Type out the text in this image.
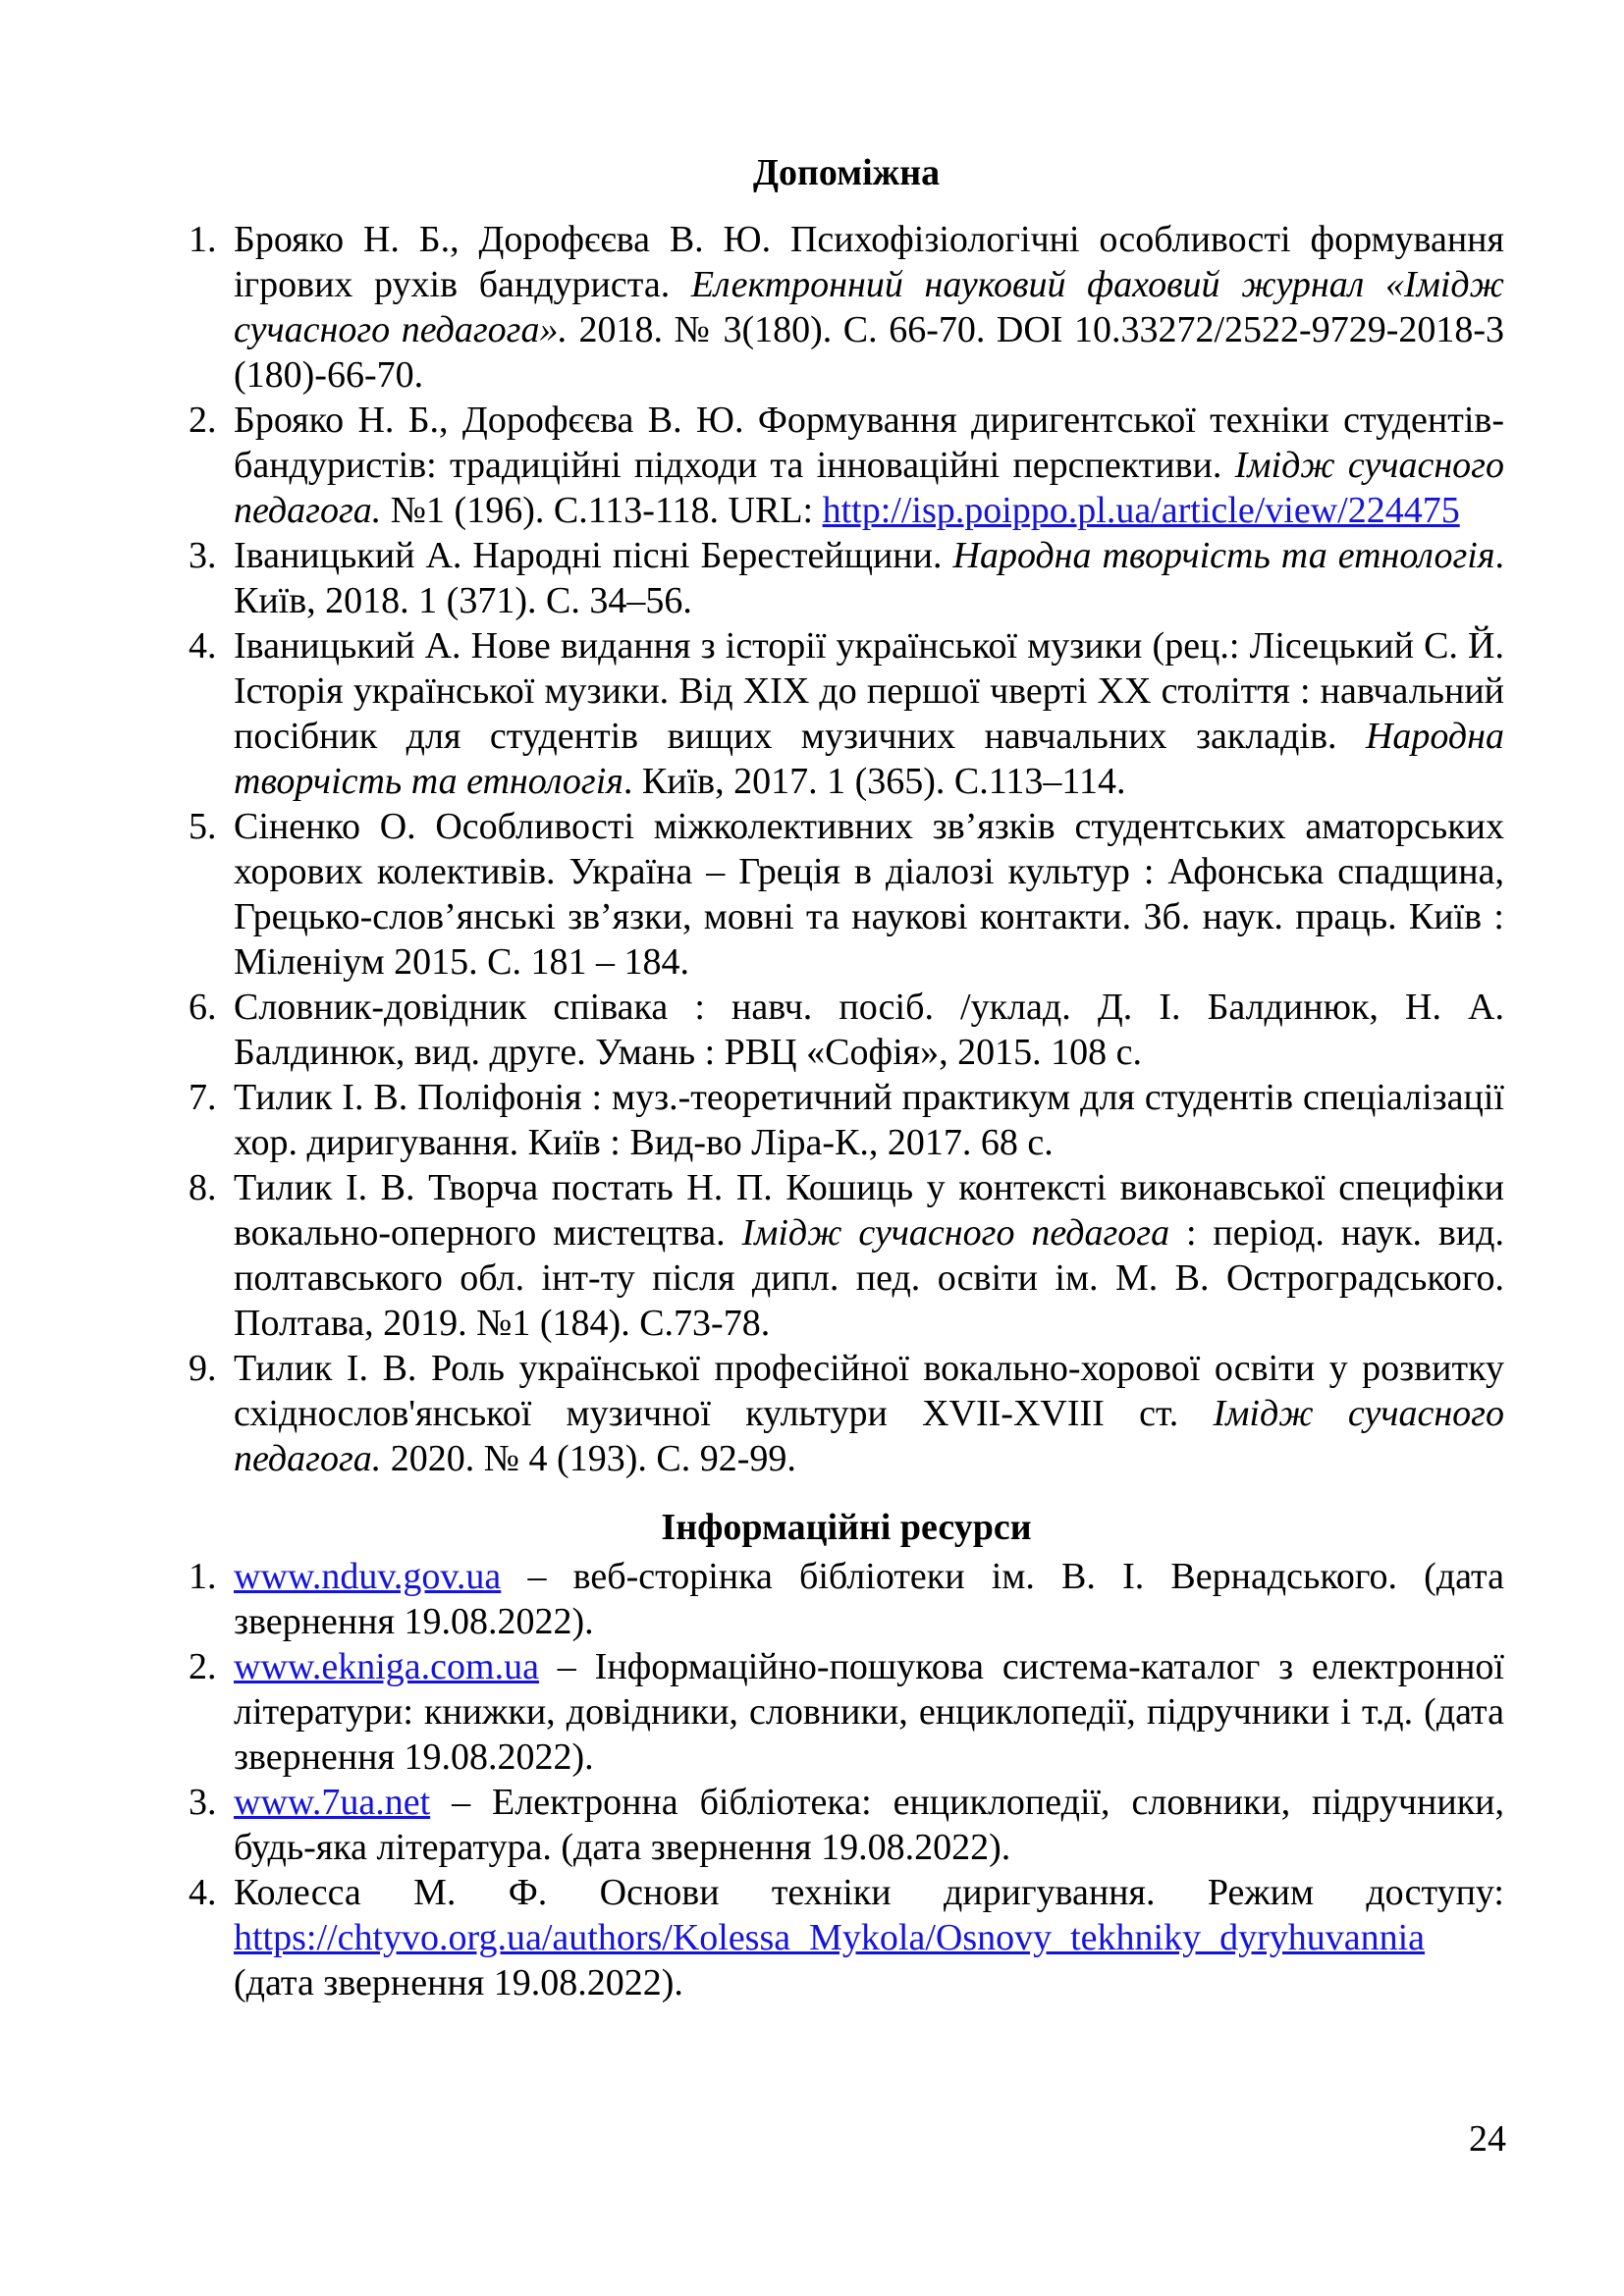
Допоміжна
1. Брояко Н. Б., Дорофєєва В. Ю. Психофізіологічні особливості формування ігрових рухів бандуриста. Електронний науковий фаховий журнал «Імідж сучасного педагога». 2018. № 3(180). С. 66-70. DOI 10.33272/2522-9729-2018-3 (180)-66-70.
2. Брояко Н. Б., Дорофєєва В. Ю. Формування диригентської техніки студентів-бандуристів: традиційні підходи та інноваційні перспективи. Імідж сучасного педагога. №1 (196). С.113-118. URL: http://isp.poippo.pl.ua/article/view/224475
3. Іваницький А. Народні пісні Берестейщини. Народна творчість та етнологія. Київ, 2018. 1 (371). С. 34–56.
4. Іваницький А. Нове видання з історії української музики (рец.: Лісецький С. Й. Історія української музики. Від XIX до першої чверті XX століття : навчальний посібник для студентів вищих музичних навчальних закладів. Народна творчість та етнологія. Київ, 2017. 1 (365). С.113–114.
5. Сіненко О. Особливості міжколективних зв’язків студентських аматорських хорових колективів. Україна – Греція в діалозі культур : Афонська спадщина, Грецько-слов’янські зв’язки, мовні та наукові контакти. Зб. наук. праць. Київ : Міленіум 2015. С. 181 – 184.
6. Словник-довідник співака : навч. посіб. /уклад. Д. І. Балдинюк, Н. А. Балдинюк, вид. друге. Умань : РВЦ «Софія», 2015. 108 с.
7. Тилик І. В. Поліфонія : муз.-теоретичний практикум для студентів спеціалізації хор. диригування. Київ : Вид-во Ліра-К., 2017. 68 с.
8. Тилик І. В. Творча постать Н. П. Кошиць у контексті виконавської специфіки вокально-оперного мистецтва. Імідж сучасного педагога : період. наук. вид. полтавського обл. інт-ту після дипл. пед. освіти ім. М. В. Остроградського. Полтава, 2019. №1 (184). С.73-78.
9. Тилик І. В. Роль української професійної вокально-хорової освіти у розвитку східнослов'янської музичної культури XVII-XVIII ст. Імідж сучасного педагога. 2020. № 4 (193). С. 92-99.
Інформаційні ресурси
1. www.nduv.gov.ua – веб-сторінка бібліотеки ім. В. І. Вернадського. (дата звернення 19.08.2022).
2. www.ekniga.com.ua – Інформаційно-пошукова система-каталог з електронної літератури: книжки, довідники, словники, енциклопедії, підручники і т.д. (дата звернення 19.08.2022).
3. www.7ua.net – Електронна бібліотека: енциклопедії, словники, підручники, будь-яка література. (дата звернення 19.08.2022).
4. Колесса М. Ф. Основи техніки диригування. Режим доступу: https://chtyvo.org.ua/authors/Kolessa_Mykola/Osnovy_tekhniky_dyryhuvannia (дата звернення 19.08.2022).
24
